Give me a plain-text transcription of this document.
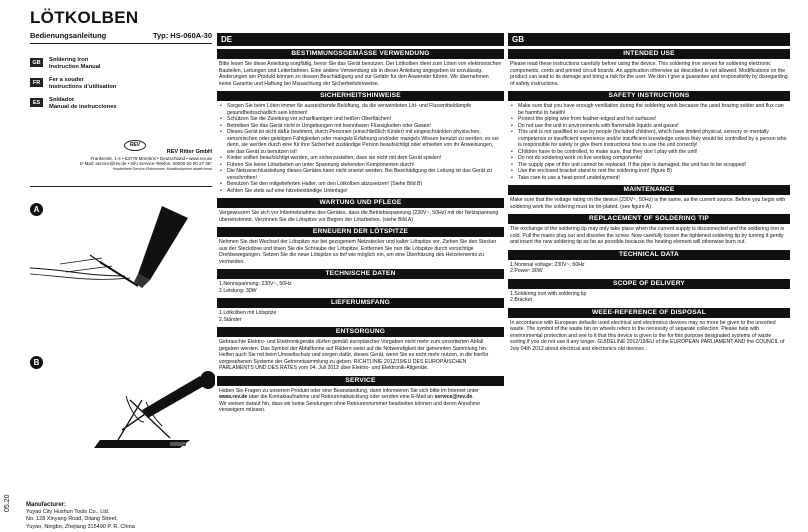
LÖTKOLBEN
Bedienungsanleitung	Typ: HS-060A-30
GB	Soldering iron
Instruction Manual
FR	Fer a souder
Instructions d’utilisation
ES	Soldador
Manual de instrucciones
REV
REV Ritter GmbH
Frankenstr. 1-4 • 63776 Mömbris • Deutschland • www.rev.de
E-Mail: service@rev.de • Info Service-Telefon: 06000 50 00 27 35*
*kostenfreie Service-Rufnummer, Mobilfunkpreise abweichend
A
B
Manufacturer:
Yuyao City Hushun Tools Co., Ltd.
No. 128 Xinyang Road, Dilang Street,
Yuyao, Ningbo, Zhejiang 315490 P. R. China
05.20
DE
BESTIMMUNGSGEMÄSSE VERWENDUNG
Bitte lesen Sie diese Anleitung sorgfältig, bevor Sie das Gerät benutzen. Der Lötkolben dient zum Löten von elektronischen Bauteilen, Leitungen und Leiterbahnen. Eine andere Verwendung als in dieser Anleitung angegeben ist unzulässig. Änderungen am Produkt können zu dessen Beschädigung und zur Gefahr für den Anwender führen. Wir übernehmen keine Garantie und Haftung bei Missachtung der Sicherheitshinweise.
SICHERHEITSHINWEISE
• Sorgen Sie beim Löten immer für ausreichende Belüftung, da die verwendeten Löt- und Flussmitteldämpfe gesundheitsschädlich sein können!
• Schützen Sie die Zuleitung vor scharfkantigen und heißen Oberflächen!
• Betreiben Sie das Gerät nicht in Umgebungen mit brennbaren Flüssigkeiten oder Gasen!
• Dieses Gerät ist nicht dafür bestimmt, durch Personen (einschließlich Kinder) mit eingeschränkten physischen, sensorischen oder geistigen Fähigkeiten oder mangels Erfahrung und/oder mangels Wissen benutzt zu werden, es sei denn, sie werden durch eine für ihre Sicherheit zuständige Person beaufsichtigt oder erhielten von ihr Anweisungen, wie das Gerät zu benutzen ist!
• Kinder sollten beaufsichtigt werden, um sicherzustellen, dass sie nicht mit dem Gerät spielen!
• Führen Sie keine Lötarbeiten an unter Spannung stehenden Komponenten durch!
• Die Netzanschlussleitung dieses Gerätes kann nicht ersetzt werden. Bei Beschädigung der Leitung ist das Gerät zu verschrotten!
• Benutzen Sie den mitgelieferten Halter, um den Lötkolben abzusetzen! (Siehe Bild B)
• Achten Sie stets auf eine hitzebeständige Unterlage!
WARTUNG UND PFLEGE
Vergewissern Sie sich vor Inbetriebnahme des Gerätes, dass die Betriebsspannung (230V~, 50Hz) mit der Netzspannung übereinstimmt. Verzinnen Sie die Lötspitze vor Beginn der Lötarbeiten. (siehe Bild A)
ERNEUERN DER LÖTSPITZE
Nehmen Sie den Wechsel der Lötspitze nur bei gezogenem Netzstecker und kalter Lötspitze vor. Ziehen Sie den Stecker aus der Steckdose und lösen Sie die Schraube der Lötspitze. Entfernen Sie nun die Lötspitze durch vorsichtige Drehbewegungen. Setzen Sie die neue Lötspitze so tief wie möglich ein, um eine Überhitzung des Heizelements zu vermeiden.
TECHNISCHE DATEN
1.Nennspannung: 230V~, 50Hz
2.Leistung: 30W
LIEFERUMSFANG
1.Lötkolben mit Lötspitze
2.Ständer
ENTSORGUNG
Gebrauchte Elektro- und Elektronikgeräte dürfen gemäß europäischer Vorgaben nicht mehr zum unsortierten Abfall gegeben werden. Das Symbol der Abfalltonne auf Rädern weist auf die Notwendigkeit der getrennten Sammlung hin. Helfen auch Sie mit beim Umweltschutz und sorgen dafür, dieses Gerät, wenn Sie es nicht mehr nutzen, in die hierfür vorgesehenen Systeme der Getrenntsammlung zu geben. RICHTLINIE 2012/19/EU DES EUROPÄISCHEN PARLAMENTS UND DES RATES vom 04. Juli 2012 über Elektro- und Elektronik-Altgeräte.
SERVICE
Haben Sie Fragen zu unserem Produkt oder eine Beanstandung, dann informieren Sie sich bitte im Internet unter www.rev.de über die Kontaktaufnahme und Retourenabwicklung oder senden eine E-Mail an service@rev.de.
Wir weisen darauf hin, dass wir keine Sendungen ohne Retourennummer bearbeiten können und deren Annahme verweigern müssen.
GB
INTENDED USE
Please read these instructions carefully before using the device. This soldering iron serves for soldering electronic components, cords and printed circuit boards. An application otherwise as described is not allowed. Modifications on the product can lead to its damage and bring a risk for the user. We don´t give a guarantee and responsibility by disregarding of safety instructions.
SAFETY INSTRUCTIONS
• Make sure that you have enough ventilation during the soldering work because the used brazing solder and flux can be harmful to health!
• Protect the piping wire from feather-edged and hot surfaces!
• Do not use the unit in environments with flammable liquids and gases!
• This unit is not qualified to use by people (included children), which have limited physical, sensory or mentally competence or insufficient experience and/or insufficient knowledge unless they would be controlled by a person who is responsible for safety or give them instructions how to use the unit correctly!
• Children have to be controlled, to make sure, that they don´t play with the unit!
• Do not do soldering work on live working components!
• The supply pipe of this unit cannot be replaced. If the pipe is damaged, the unit has to be scrapped!
• Use the enclosed bracket stand to rest the soldering iron! (figure B)
• Take care to use a heat-proof underlayment!
MAINTENANCE
Make sure that the voltage rating on the device (230V~, 50Hz) is the same, as the current source. Before you begin with soldering work the soldering must be tin-plated. (see figure A)
REPLACEMENT OF SOLDERING TIP
The exchange of the soldering tip may only take place when the current supply is disconnected and the soldering iron is cold. Pull the mains plug out and dissolve the screw. Now carefully loosen the tightened soldering tip by turning it gently and insert the new soldering tip as far as possible because the heating element will otherwise burn out.
TECHNICAL DATA
1.Nominal voltage: 230V~, 50Hz
2.Power: 30W
SCOPE OF DELIVERY
1.Soldering iron with soldering tip
2.Bracket
WEEE-REFERENCE OF DISPOSAL
In accordance with European defaults used electrical and electronics devices may no more be given to the unsorted waste. The symbol of the waste bin on wheels refers to the necessity of separate collection. Please help with environmental protection and see to it that this device is given to the for this purpose designated systems of waste sorting if you do not use it any longer. GUIDELINE 2012/19/EU of the EUROPEAN PARLIAMENT AND the COUNCIL of July 04th 2012 about electrical and electronics old devices .
